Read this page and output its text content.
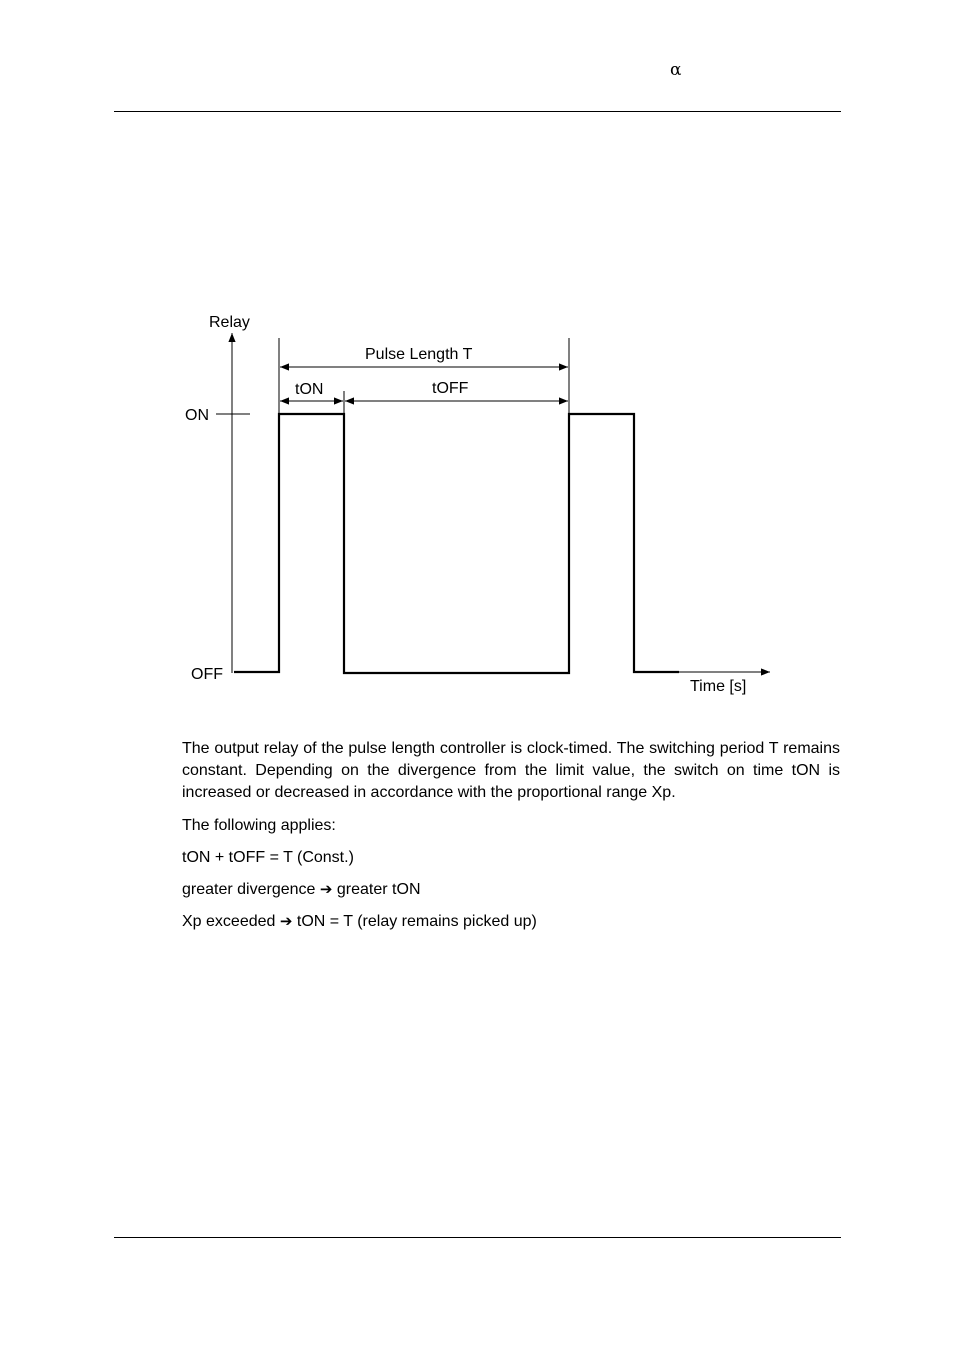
α
Relay
ON
OFF
Time [s]
Pulse Length T
tON	tOFF

The output relay of the pulse length controller is clock-timed. The switching period T remains constant. Depending on the divergence from the limit value, the switch on time tON is increased or decreased in accordance with the proportional range Xp.

The following applies:

tON + tOFF = T (Const.)

greater divergence ➔ greater tON

Xp exceeded ➔ tON = T (relay remains picked up)
